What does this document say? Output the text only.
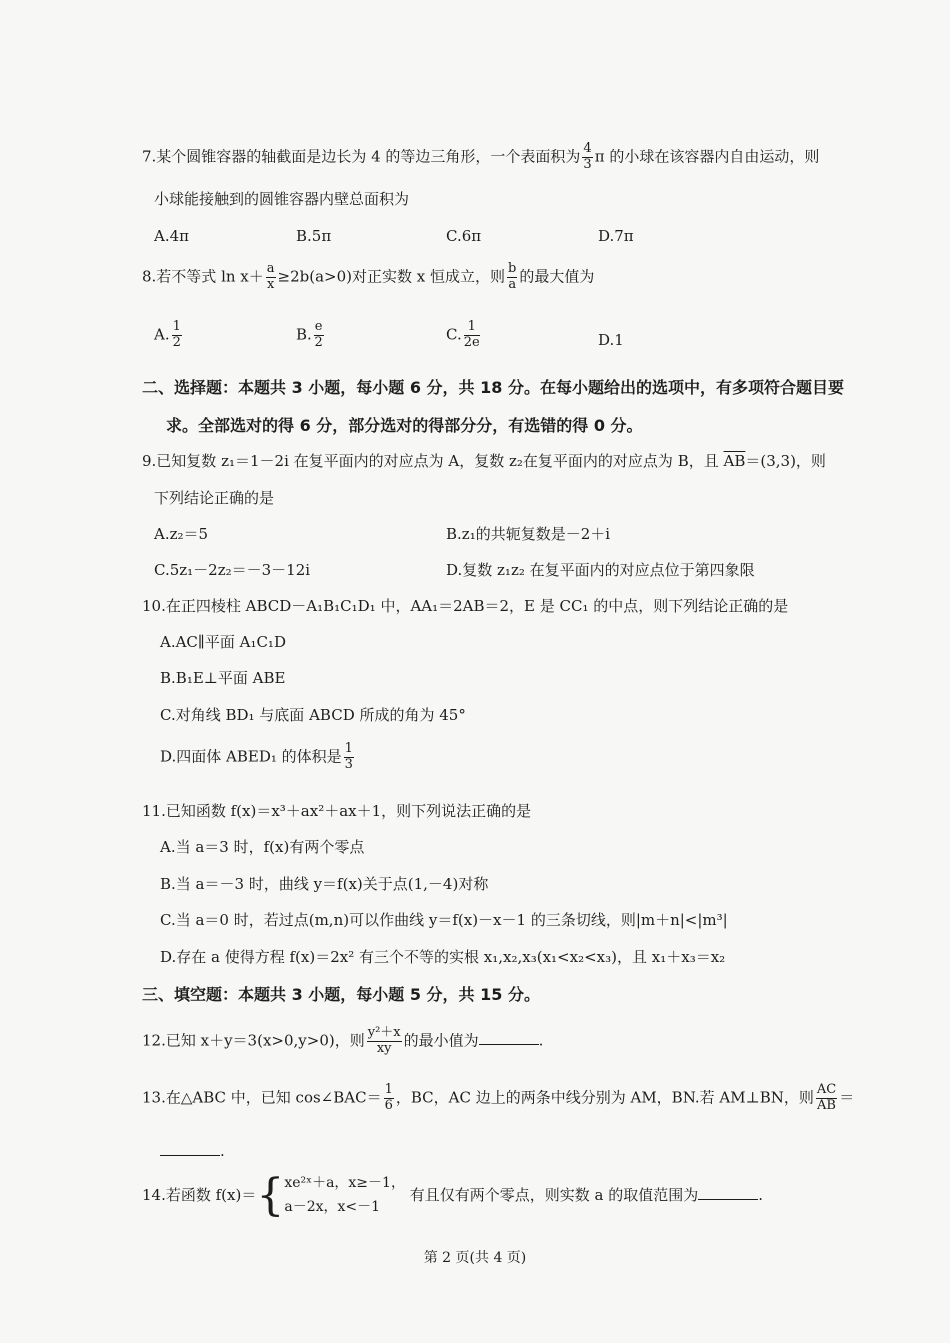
7.某个圆锥容器的轴截面是边长为 4 的等边三角形，一个表面积为 $\frac{4}{3}$ π 的小球在该容器内自由运动，则
小球能接触到的圆锥容器内壁总面积为
A.4π	B.5π	C.6π	D.7π
8.若不等式 $\ln x+ \frac{a}{x} \ge 2b(a>0)$对正实数 x 恒成立，则 $\frac{b}{a}$ 的最大值为
A. $\frac{1}{2}$	B. $\frac{e}{2}$	C. $\frac{1}{2e}$	D.1
二、选择题：本题共 3 小题，每小题 6 分，共 18 分。在每小题给出的选项中，有多项符合题目要
求。全部选对的得 6 分，部分选对的得部分分，有选错的得 0 分。
9.已知复数 z₁＝1－2i 在复平面内的对应点为 A，复数 z₂在复平面内的对应点为 B，且 $\overline{AB}=(3,3)$，则
下列结论正确的是
A.z₂＝5	B.z₁的共轭复数是－2＋i
C.5z₁－2z₂＝－3－12i	D.复数 z₁z₂ 在复平面内的对应点位于第四象限
10.在正四棱柱 ABCD－A₁B₁C₁D₁ 中，AA₁＝2AB＝2，E 是 CC₁ 的中点，则下列结论正确的是
A.AC∥平面 A₁C₁D
B.B₁E⊥平面 ABE
C.对角线 BD₁ 与底面 ABCD 所成的角为 45°
D.四面体 ABED₁ 的体积是 $\frac{1}{3}$
11.已知函数 f(x)＝x³＋ax²＋ax＋1，则下列说法正确的是
A.当 a＝3 时，f(x)有两个零点
B.当 a＝－3 时，曲线 y＝f(x)关于点(1,－4)对称
C.当 a＝0 时，若过点(m,n)可以作曲线 y＝f(x)－x－1 的三条切线，则|m＋n|<|m³|
D.存在 a 使得方程 f(x)＝2x² 有三个不等的实根 x₁,x₂,x₃(x₁<x₂<x₃)，且 x₁＋x₃＝x₂
三、填空题：本题共 3 小题，每小题 5 分，共 15 分。
12.已知 x＋y＝3(x>0,y>0)，则 $\frac{\text{y²＋x}}{xy}$ 的最小值为	.
13.在△ABC 中，已知 cos∠BAC＝ $\frac{1}{6}$ ，BC，AC 边上的两条中线分别为 AM，BN.若 AM⊥BN，则 $\frac{AC}{AB}$ ＝
.
14.若函数 f(x)＝{ xe²ˣ＋a，x≥－1，
a－2x，x<－1
有且仅有两个零点，则实数 a 的取值范围为	.
第 2 页(共 4 页)
